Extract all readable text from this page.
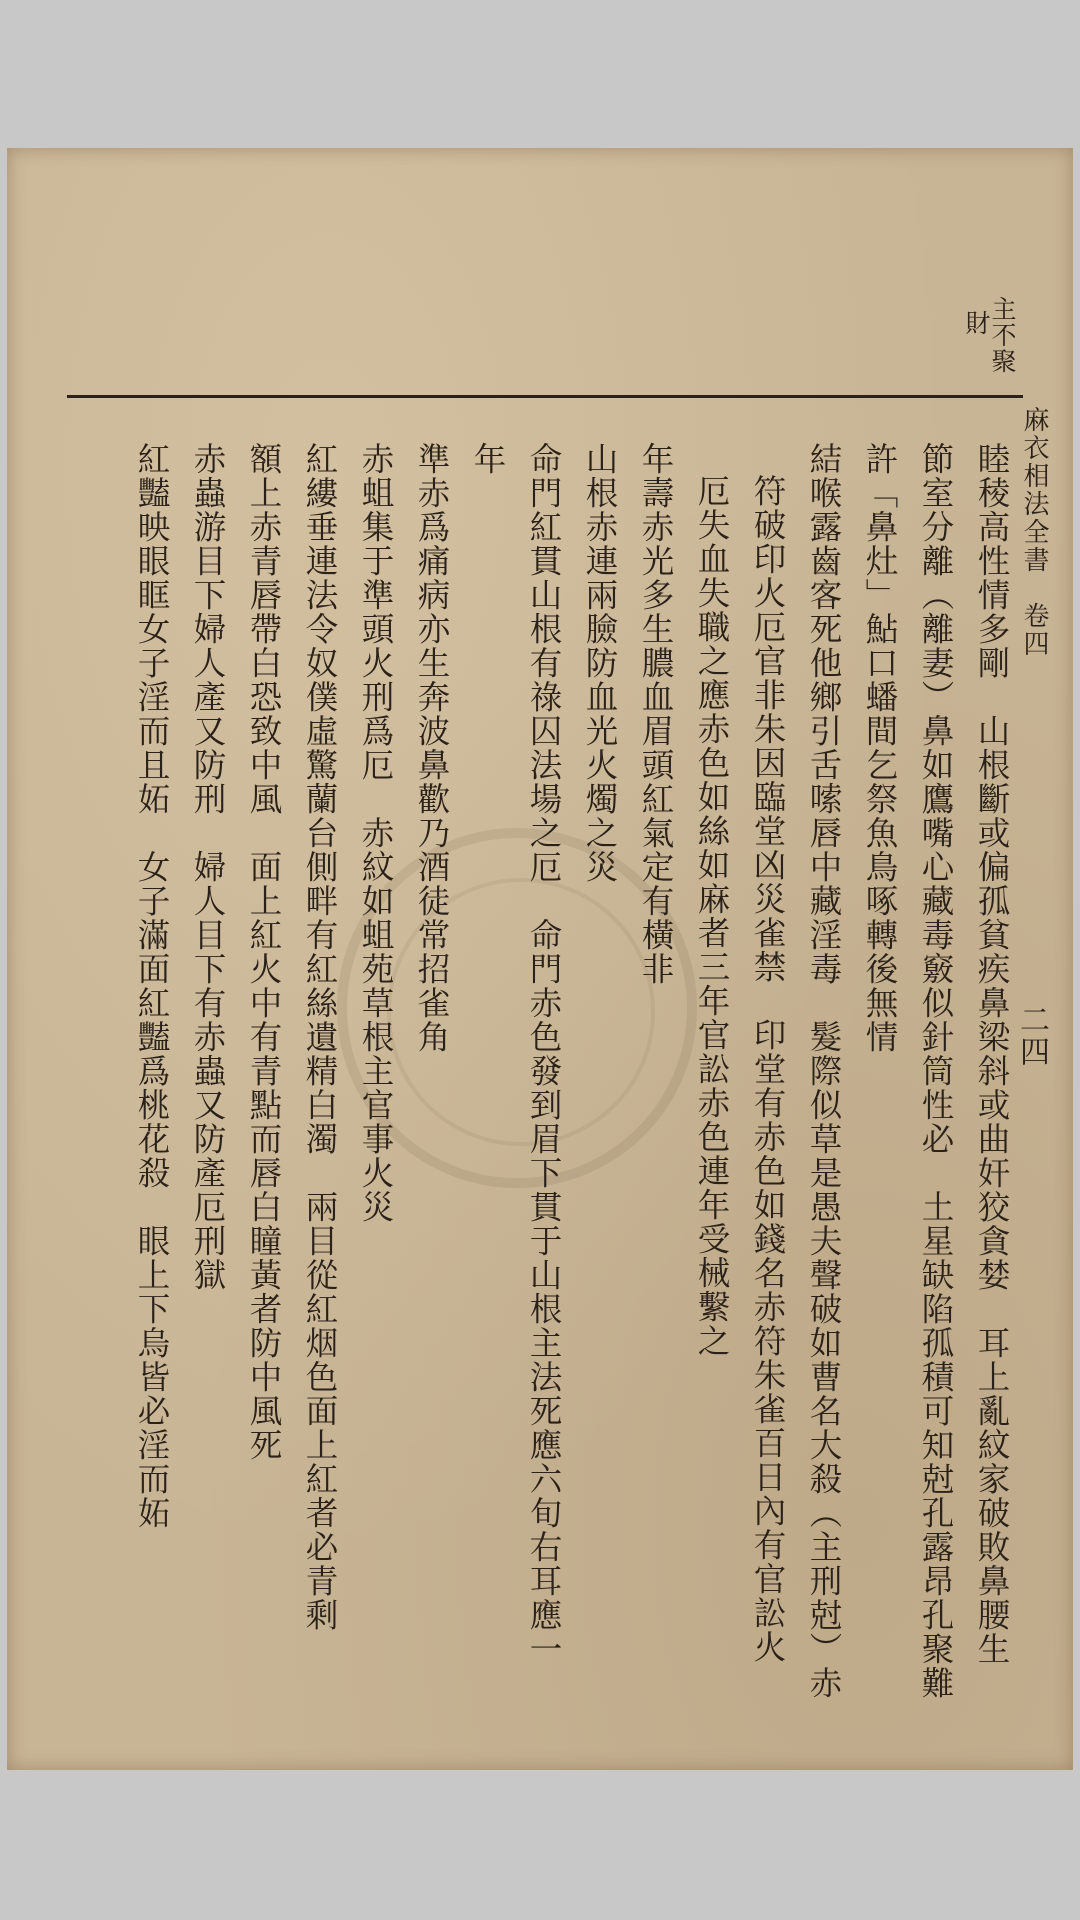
麻衣相法全書　卷四
二四
主不聚
財
睦稜高性情多剛　山根斷或偏孤貧疾鼻梁斜或曲奸狡貪婪　耳上亂紋家破敗鼻腰生
節室分離（離妻）鼻如鷹嘴心藏毒竅似針筒性必　土星缺陷孤積可知尅孔露昂孔聚難
許「鼻灶」鮎口蟠間乞祭魚鳥啄轉後無情
結喉露齒客死他鄉引舌嗦唇中藏淫毒　髮際似草是愚夫聲破如曹名大殺（主刑尅）赤
符破印火厄官非朱因臨堂凶災雀禁　印堂有赤色如錢名赤符朱雀百日內有官訟火
厄失血失職之應赤色如絲如麻者三年官訟赤色連年受械繫之
年壽赤光多生膿血眉頭紅氣定有橫非
山根赤連兩臉防血光火燭之災
命門紅貫山根有祿囚法場之厄　命門赤色發到眉下貫于山根主法死應六旬右耳應一
年
準赤爲痛病亦生奔波鼻歡乃酒徒常招雀角
赤蛆集于準頭火刑爲厄　赤紋如蛆苑草根主官事火災
紅縷垂連法令奴僕虛驚蘭台側畔有紅絲遺精白濁　兩目從紅烟色面上紅者必青剩
額上赤青唇帶白恐致中風　面上紅火中有青點而唇白瞳黃者防中風死
赤蟲游目下婦人產又防刑　婦人目下有赤蟲又防產厄刑獄
紅豔映眼眶女子淫而且妬　女子滿面紅豔爲桃花殺　眼上下烏皆必淫而妬
